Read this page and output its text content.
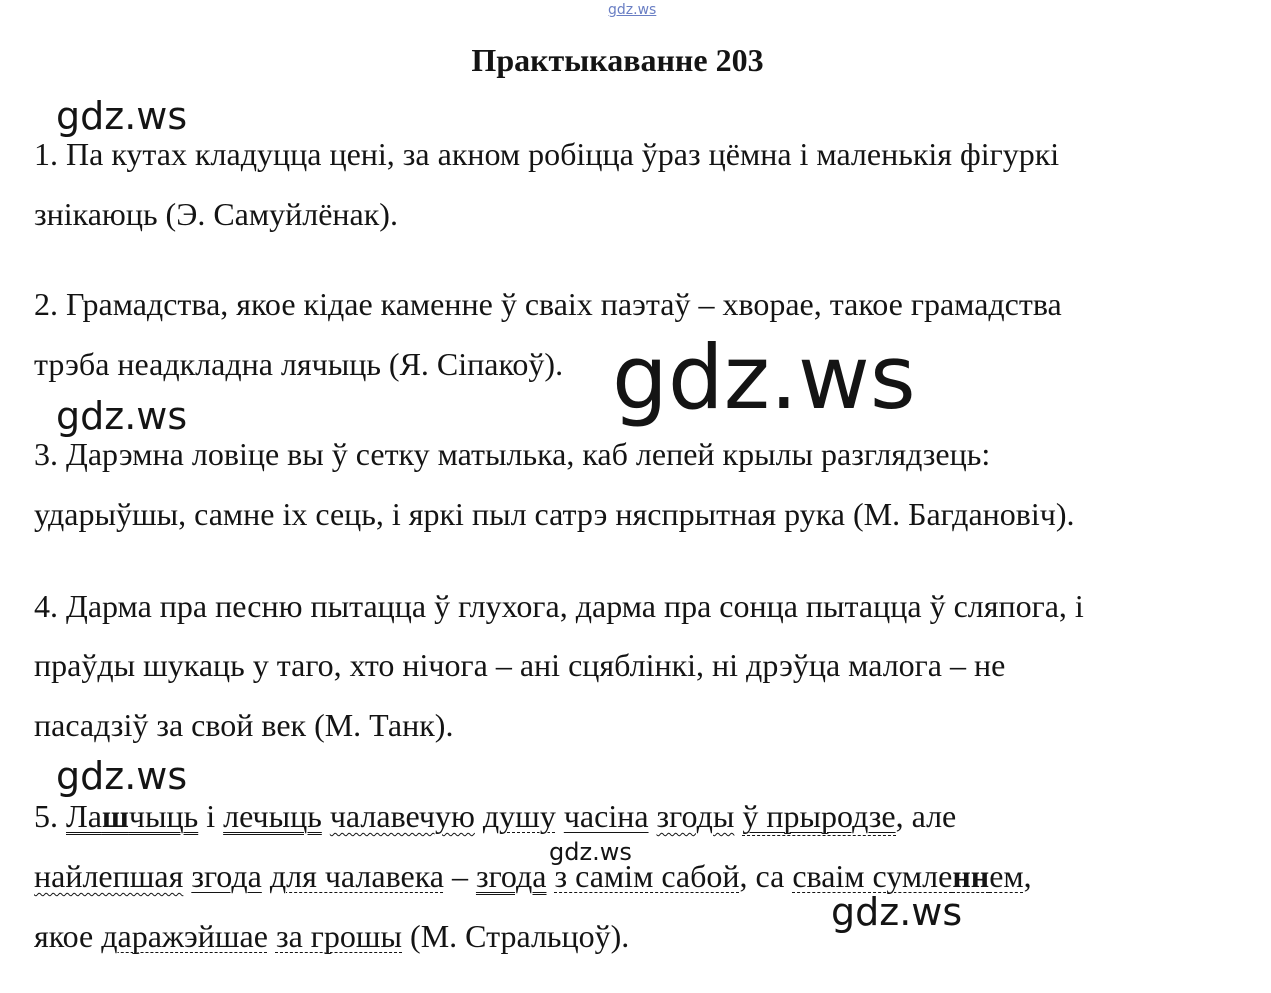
gdz.ws
Практыкаванне 203
gdz.ws
1. Па кутах кладуцца цені, за акном робіцца ўраз цёмна і маленькія фігуркі
знікаюць (Э. Самуйлёнак).
2. Грамадства, якое кідае каменне ў сваіх паэтаў – хворае, такое грамадства
трэба неадкладна лячыць (Я. Сіпакоў). gdz.ws
gdz.ws
3. Дарэмна ловіце вы ў сетку матылька, каб лепей крылы разглядзець:
ударыўшы, самне іх сець, і яркі пыл сатрэ няспрытная рука (М. Багдановіч).
4. Дарма пра песню пытацца ў глухога, дарма пра сонца пытацца ў сляпога, і
праўды шукаць у таго, хто нічога – ані сцяблінкі, ні дрэўца малога – не
пасадзіў за свой век (М. Танк).
gdz.ws
5. Лашчыць і лечыць чалавечую душу часіна згоды ў прыродзе, але
gdz.ws
найлепшая згода для чалавека – згода з самім сабой, са сваім сумленнем,
gdz.ws
якое даражэйшае за грошы (М. Стральцоў).
